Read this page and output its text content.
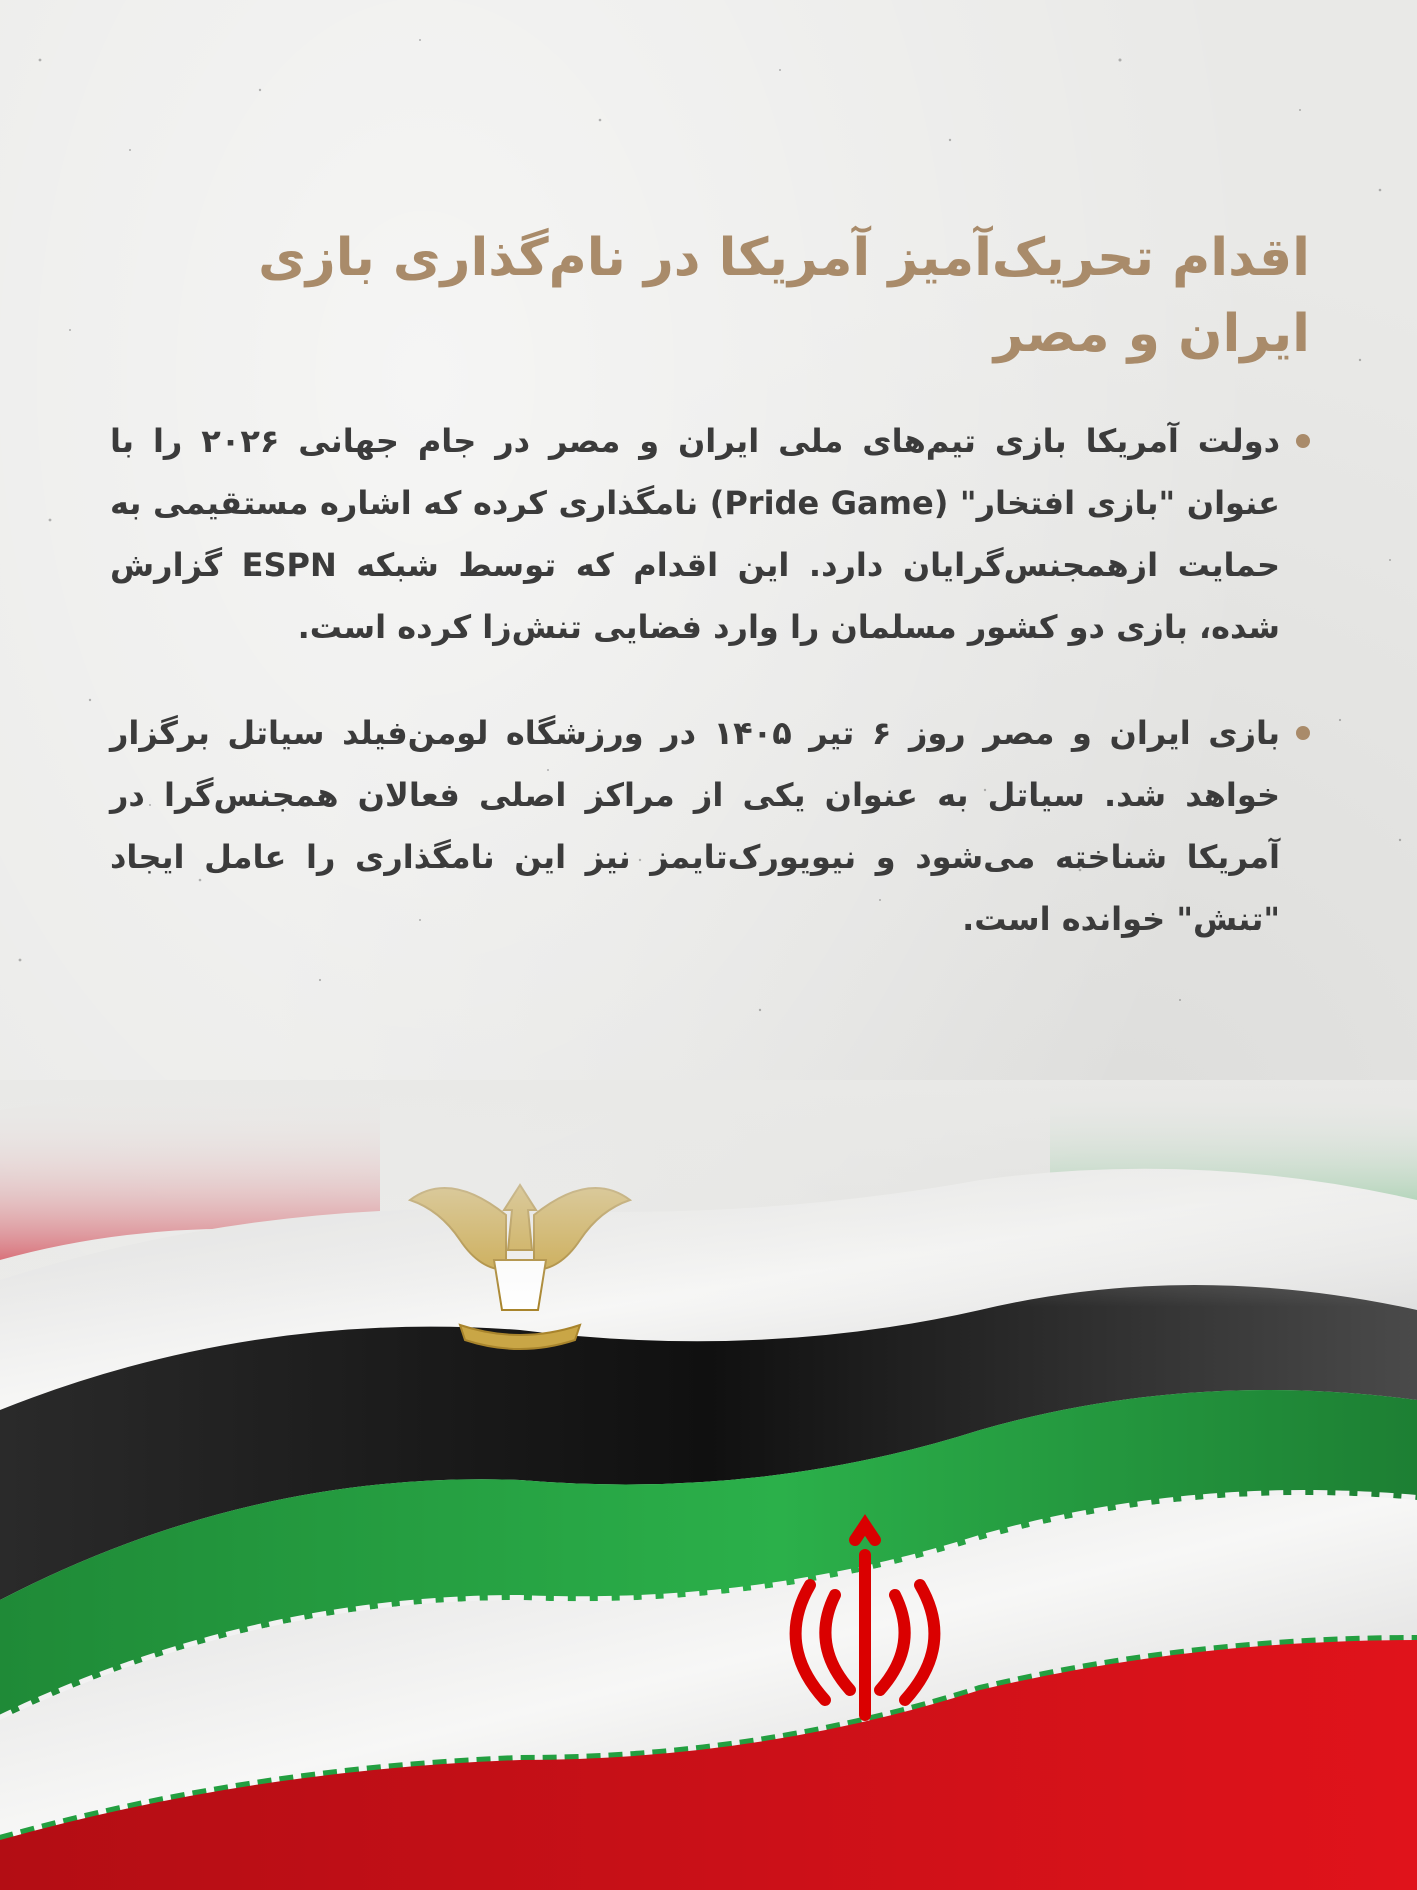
اقدام تحریک‌آمیز آمریکا در نام‌گذاری بازی ایران و مصر
دولت آمریکا بازی تیم‌های ملی ایران و مصر در جام جهانی ۲۰۲۶ را با عنوان "بازی افتخار" (Pride Game) نامگذاری کرده که اشاره مستقیمی به حمایت ازهمجنس‌گرایان دارد. این اقدام که توسط شبکه ESPN گزارش شده، بازی دو کشور مسلمان را وارد فضایی تنش‌زا کرده است.
بازی ایران و مصر روز ۶ تیر ۱۴۰۵ در ورزشگاه لومن‌فیلد سیاتل برگزار خواهد شد. سیاتل به عنوان یکی از مراکز اصلی فعالان همجنس‌گرا در آمریکا شناخته می‌شود و نیویورک‌تایمز نیز این نامگذاری را عامل ایجاد "تنش" خوانده است.
